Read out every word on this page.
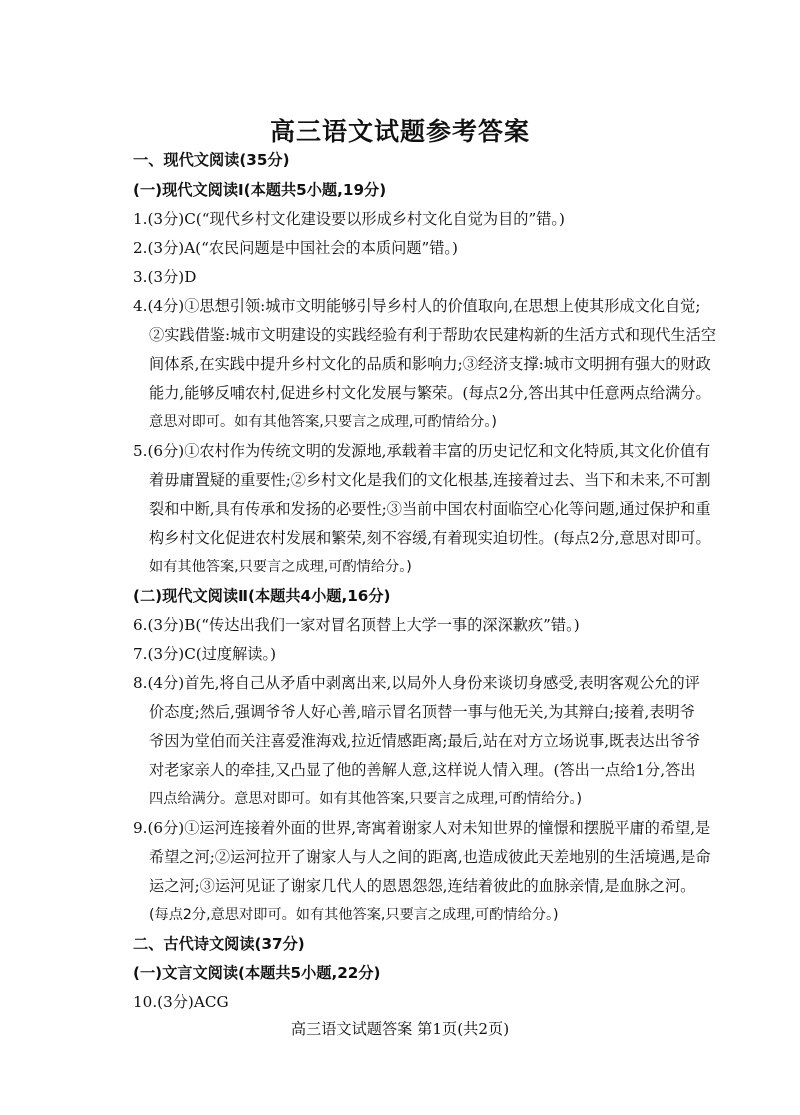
高三语文试题参考答案
一、现代文阅读(35分)
(一)现代文阅读Ⅰ(本题共5小题,19分)
1.(3分)C(“现代乡村文化建设要以形成乡村文化自觉为目的”错。)
2.(3分)A(“农民问题是中国社会的本质问题”错。)
3.(3分)D
4.(4分)①思想引领:城市文明能够引导乡村人的价值取向,在思想上使其形成文化自觉;
②实践借鉴:城市文明建设的实践经验有利于帮助农民建构新的生活方式和现代生活空
间体系,在实践中提升乡村文化的品质和影响力;③经济支撑:城市文明拥有强大的财政
能力,能够反哺农村,促进乡村文化发展与繁荣。(每点2分,答出其中任意两点给满分。
意思对即可。如有其他答案,只要言之成理,可酌情给分。)
5.(6分)①农村作为传统文明的发源地,承载着丰富的历史记忆和文化特质,其文化价值有
着毋庸置疑的重要性;②乡村文化是我们的文化根基,连接着过去、当下和未来,不可割
裂和中断,具有传承和发扬的必要性;③当前中国农村面临空心化等问题,通过保护和重
构乡村文化促进农村发展和繁荣,刻不容缓,有着现实迫切性。(每点2分,意思对即可。
如有其他答案,只要言之成理,可酌情给分。)
(二)现代文阅读Ⅱ(本题共4小题,16分)
6.(3分)B(“传达出我们一家对冒名顶替上大学一事的深深歉疚”错。)
7.(3分)C(过度解读。)
8.(4分)首先,将自己从矛盾中剥离出来,以局外人身份来谈切身感受,表明客观公允的评
价态度;然后,强调爷爷人好心善,暗示冒名顶替一事与他无关,为其辩白;接着,表明爷
爷因为堂伯而关注喜爱淮海戏,拉近情感距离;最后,站在对方立场说事,既表达出爷爷
对老家亲人的牵挂,又凸显了他的善解人意,这样说人情入理。(答出一点给1分,答出
四点给满分。意思对即可。如有其他答案,只要言之成理,可酌情给分。)
9.(6分)①运河连接着外面的世界,寄寓着谢家人对未知世界的憧憬和摆脱平庸的希望,是
希望之河;②运河拉开了谢家人与人之间的距离,也造成彼此天差地别的生活境遇,是命
运之河;③运河见证了谢家几代人的恩恩怨怨,连结着彼此的血脉亲情,是血脉之河。
(每点2分,意思对即可。如有其他答案,只要言之成理,可酌情给分。)
二、古代诗文阅读(37分)
(一)文言文阅读(本题共5小题,22分)
10.(3分)ACG
高三语文试题答案 第1页(共2页)
